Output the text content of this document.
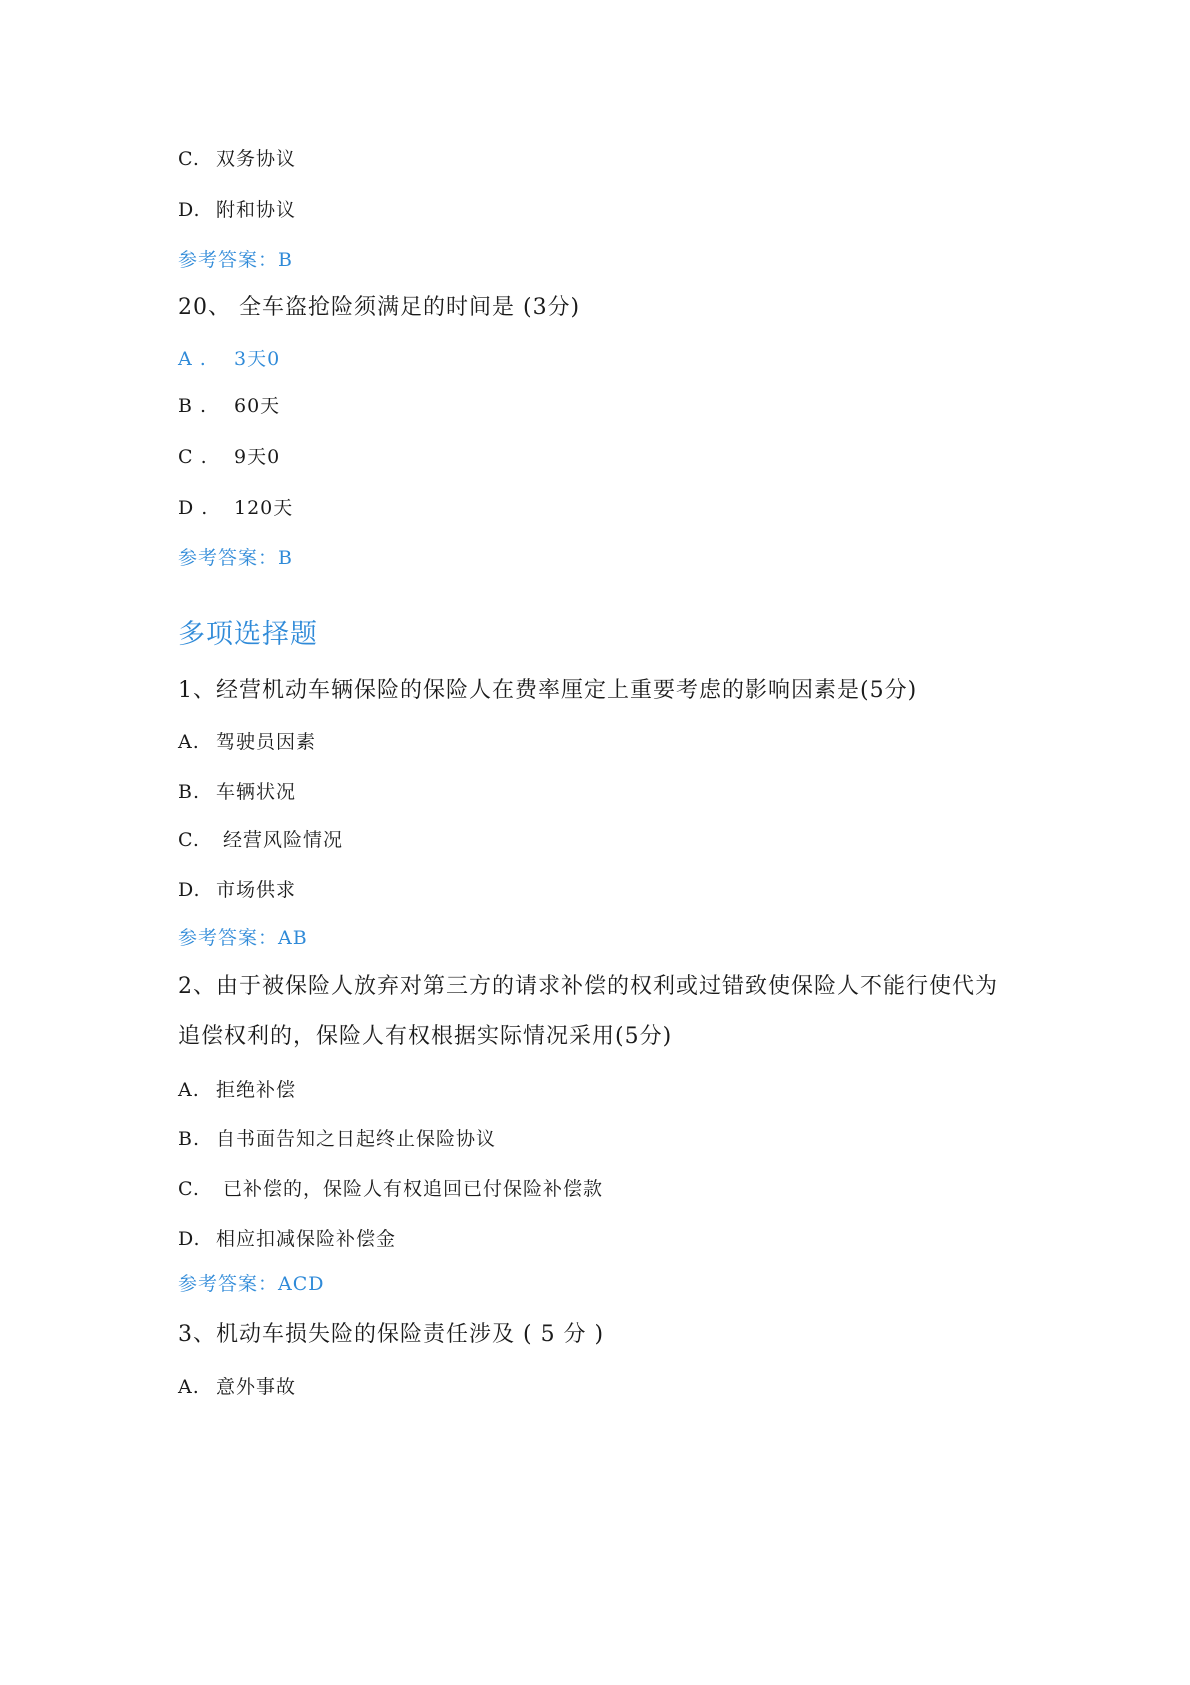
C. 双务协议
D. 附和协议
参考答案：B
20、 全车盗抢险须满足的时间是 (3分)
A . 3天0
B . 60天
C . 9天0
D . 120天
参考答案：B
多项选择题
1、经营机动车辆保险的保险人在费率厘定上重要考虑的影响因素是(5分)
A. 驾驶员因素
B. 车辆状况
C. 经营风险情况
D. 市场供求
参考答案：AB
2、由于被保险人放弃对第三方的请求补偿的权利或过错致使保险人不能行使代为
追偿权利的，保险人有权根据实际情况采用(5分)
A. 拒绝补偿
B. 自书面告知之日起终止保险协议
C. 已补偿的，保险人有权追回已付保险补偿款
D. 相应扣减保险补偿金
参考答案：ACD
3、机动车损失险的保险责任涉及 ( 5 分 )
A. 意外事故
